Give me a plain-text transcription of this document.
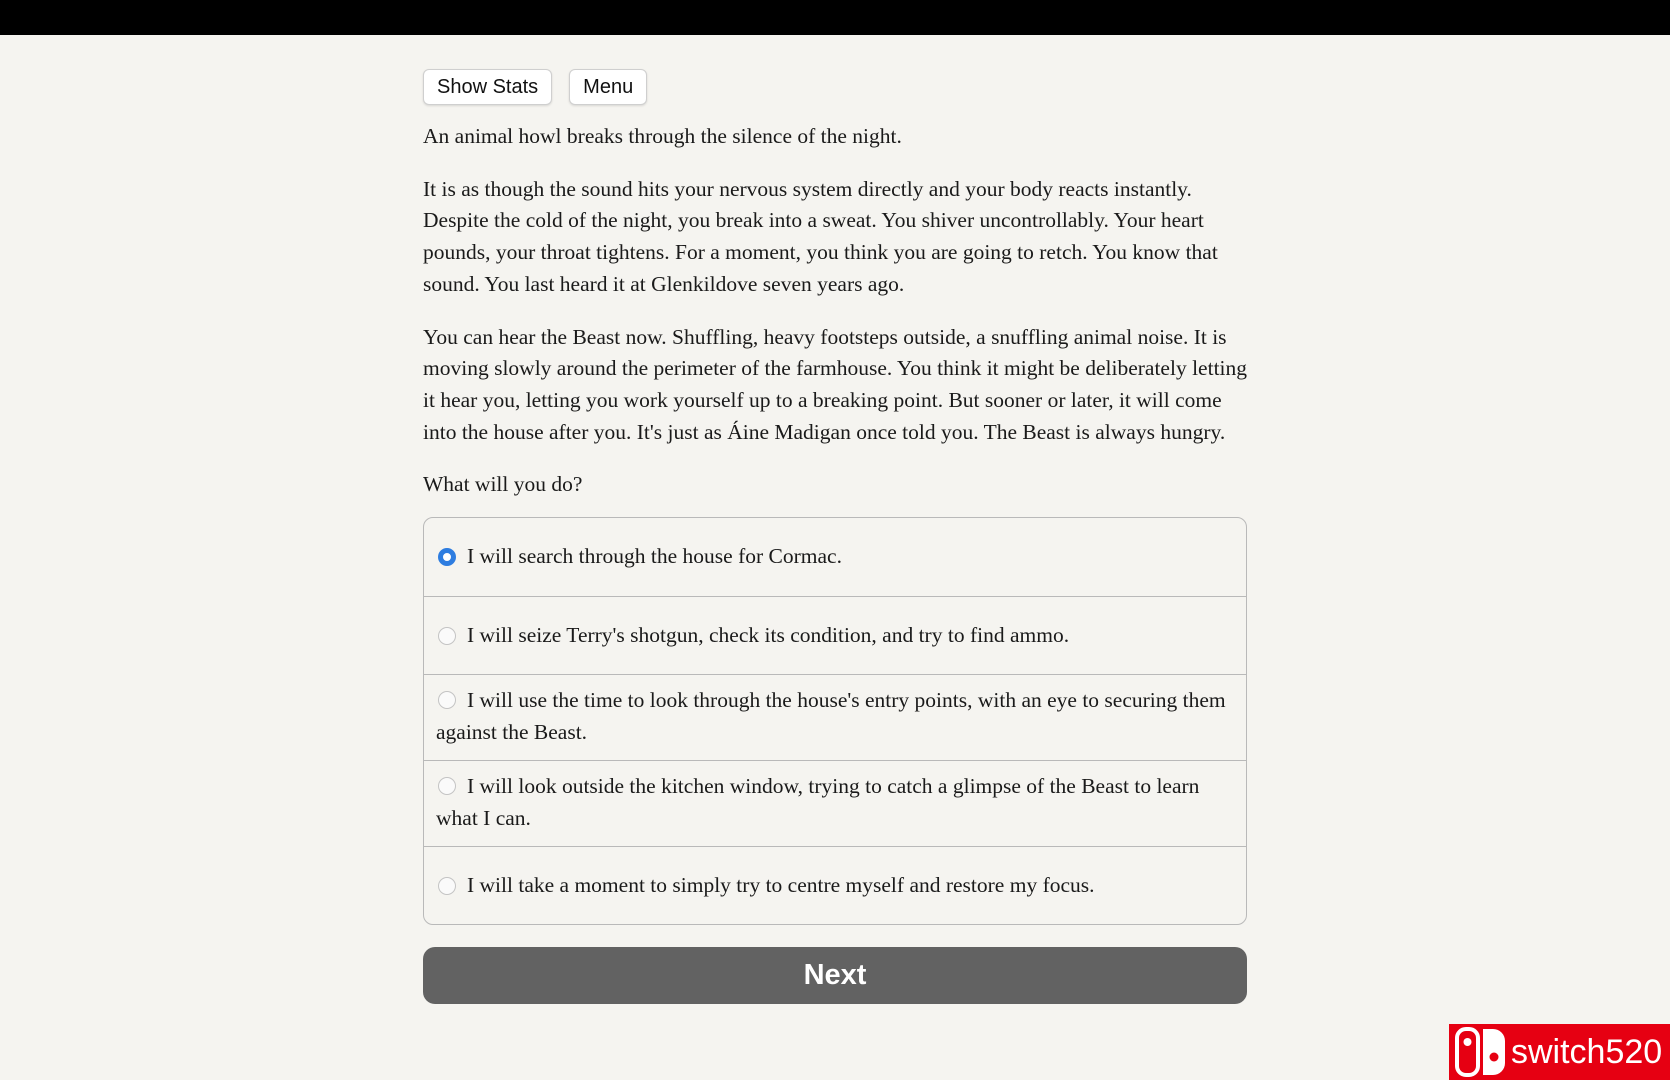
Show Stats	Menu

An animal howl breaks through the silence of the night.

It is as though the sound hits your nervous system directly and your body reacts instantly. Despite the cold of the night, you break into a sweat. You shiver uncontrollably. Your heart pounds, your throat tightens. For a moment, you think you are going to retch. You know that sound. You last heard it at Glenkildove seven years ago.

You can hear the Beast now. Shuffling, heavy footsteps outside, a snuffling animal noise. It is moving slowly around the perimeter of the farmhouse. You think it might be deliberately letting it hear you, letting you work yourself up to a breaking point. But sooner or later, it will come into the house after you. It's just as Áine Madigan once told you. The Beast is always hungry.

What will you do?

I will search through the house for Cormac.
I will seize Terry's shotgun, check its condition, and try to find ammo.
I will use the time to look through the house's entry points, with an eye to securing them against the Beast.
I will look outside the kitchen window, trying to catch a glimpse of the Beast to learn what I can.
I will take a moment to simply try to centre myself and restore my focus.
Next
switch520
